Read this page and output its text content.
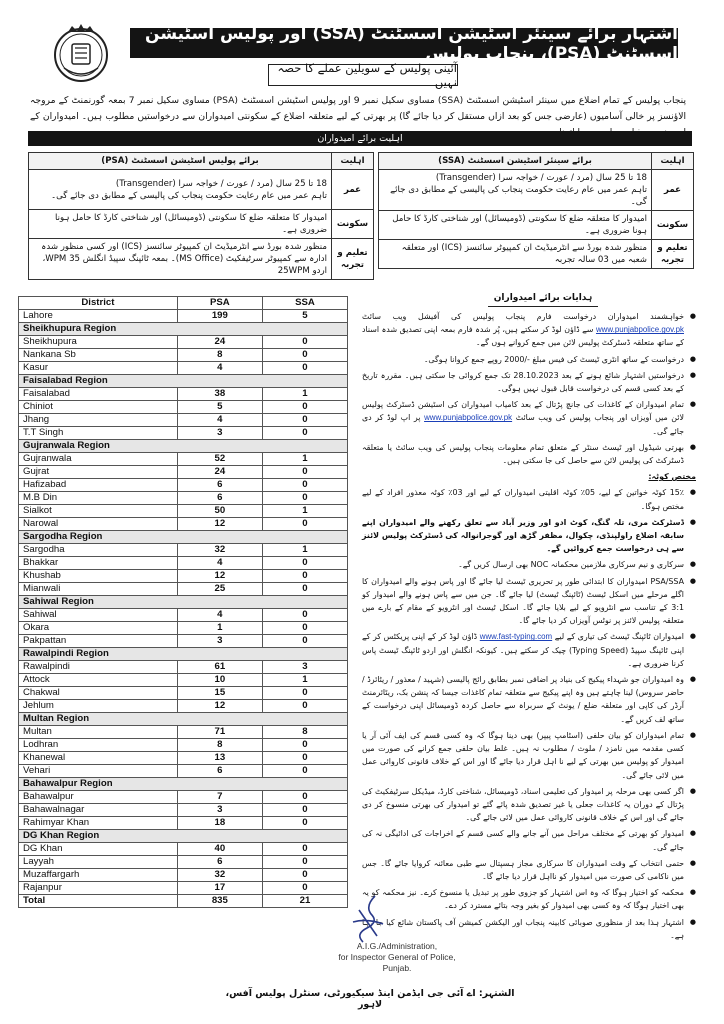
اشتہار برائے سینئر اسٹیشن اسسٹنٹ (SSA) اور پولیس اسٹیشن اسسٹنٹ (PSA)، پنجاب پولیس
آئینی پولیس کے سویلین عملے کا حصہ نہیں

پنجاب پولیس کے تمام اضلاع میں سینئر اسٹیشن اسسٹنٹ (SSA) مساوی سکیل نمبر 9 اور پولیس اسٹیشن اسسٹنٹ (PSA) مساوی سکیل نمبر 7 بمعہ گورنمنٹ کے مروجہ الاؤنسز پر خالی آسامیوں (عارضی جس کو بعد ازاں مستقل کر دیا جائے گا) پر بھرتی کے لیے متعلقہ اضلاع کے سکونتی امیدواران سے درخواستیں مطلوب ہیں۔ امیدواران کے

اہلیت برائے امیدواران
اہلیت	برائے سینئر اسٹیشن اسسٹنٹ (SSA)
عمر	18 تا 25 سال (مرد / عورت / خواجہ سرا (Transgender)
تاہم عمر میں عام رعایت حکومت پنجاب کی پالیسی کے مطابق دی جائے گی۔

سکونت	امیدوار کا متعلقہ ضلع کا سکونتی (ڈومیسائل) اور شناختی کارڈ کا حامل ہونا ضروری ہے۔
تعلیم و تجربہ	منظور شدہ بورڈ سے انٹرمیڈیٹ ان کمپیوٹر سائنسز (ICS) اور متعلقہ شعبہ میں 03 سالہ تجربہ
اہلیت	برائے پولیس اسٹیشن اسسٹنٹ (PSA)
عمر	18 تا 25 سال (مرد / عورت / خواجہ سرا (Transgender)
تاہم عمر میں عام رعایت حکومت پنجاب کی پالیسی کے مطابق دی جائے گی۔

سکونت	امیدوار کا متعلقہ ضلع کا سکونتی (ڈومیسائل) اور شناختی کارڈ کا حامل ہونا ضروری ہے۔
تعلیم و تجربہ	منظور شدہ بورڈ سے انٹرمیڈیٹ ان کمپیوٹر سائنسز (ICS) اور کسی منظور شدہ ادارہ سے کمپیوٹر سرٹیفکیٹ (MS Office)۔ بمعہ ٹائپنگ سپیڈ انگلش 35 WPM، اردو 25WPM
District	PSA	SSA
Lahore	199	5
Sheikhupura Region		
Sheikhupura	24	0
Nankana Sb	8	0
Kasur	4	0
Faisalabad Region		
Faisalabad	38	1
Chiniot	5	0
Jhang	4	0
T.T Singh	3	0
Gujranwala Region		
Gujranwala	52	1
Gujrat	24	0
Hafizabad	6	0
M.B Din	6	0
Sialkot	50	1
Narowal	12	0
Sargodha Region		
Sargodha	32	1
Bhakkar	4	0
Khushab	12	0
Mianwali	25	0
Sahiwal Region		
Sahiwal	4	0
Okara	1	0
Pakpattan	3	0
Rawalpindi Region		
Rawalpindi	61	3
Attock	10	1
Chakwal	15	0
Jehlum	12	0
Multan Region		
Multan	71	8
Lodhran	8	0
Khanewal	13	0
Vehari	6	0
Bahawalpur Region		
Bahawalpur	7	0
Bahawalnagar	3	0
Rahimyar Khan	18	0
DG Khan Region		
DG Khan	40	0
Layyah	6	0
Muzaffargarh	32	0
Rajanpur	17	0
Total	835	21
ہدایات برائے امیدواران
● خواہشمند امیدواران درخواست فارم پنجاب پولیس کی آفیشل ویب سائٹ www.punjabpolice.gov.pk سے ڈاؤن لوڈ کر سکتے ہیں، پُر شدہ فارم بمعہ اپنی تصدیق شدہ اسناد کے ساتھ متعلقہ ڈسٹرکٹ پولیس لائن میں جمع کروانے ہوں گے۔
● درخواست کے ساتھ انٹری ٹیسٹ کی فیس مبلغ -/2000 روپے جمع کروانا ہوگی۔
● درخواستیں اشتہار شائع ہونے کے بعد 28.10.2023 تک جمع کروائی جا سکتی ہیں۔ مقررہ تاریخ کے بعد کسی قسم کی درخواست قابل قبول نہیں ہوگی۔
● تمام امیدواران کے کاغذات کی جانچ پڑتال کے بعد کامیاب امیدواران کی اسٹیشن ڈسٹرکٹ پولیس لائن میں آویزاں اور پنجاب پولیس کی ویب سائٹ www.punjabpolice.gov.pk پر اپ لوڈ کر دی جائے گی۔
● بھرتی شیڈول اور ٹیسٹ سنٹر کے متعلق تمام معلومات پنجاب پولیس کی ویب سائٹ یا متعلقہ ڈسٹرکٹ کی پولیس لائن سے حاصل کی جا سکتی ہیں۔
مختص کوٹہ:
● 15٪ کوٹہ خواتین کے لیے، 05٪ کوٹہ اقلیتی امیدواران کے لیے اور 03٪ کوٹہ معذور افراد کے لیے مختص ہوگا۔
● ڈسٹرکٹ مری، تلہ گنگ، کوٹ ادو اور وزیر آباد سے تعلق رکھنے والے امیدواران اپنے سابقہ اضلاع راولپنڈی، چکوال، مظفر گڑھ اور گوجرانوالہ کی ڈسٹرکٹ پولیس لائنز سے ہی درخواست جمع کروائیں گے۔
● سرکاری و نیم سرکاری ملازمین محکمانہ NOC بھی ارسال کریں گے۔
● PSA/SSA امیدواران کا ابتدائی طور پر تحریری ٹیسٹ لیا جائے گا اور پاس ہونے والے امیدواران کا اگلے مرحلے میں اسکل ٹیسٹ (ٹائپنگ ٹیسٹ) لیا جائے گا۔ جن میں سے پاس ہونے والے امیدوار کو 3:1 کے تناسب سے انٹرویو کے لیے بلایا جائے گا۔ اسکل ٹیسٹ اور انٹرویو کے مقام کے بارے میں متعلقہ پولیس لائنز پر نوٹس آویزاں کر دیا جائے گا۔
● امیدواران ٹائپنگ ٹیسٹ کی تیاری کے لیے www.fast-typing.com ڈاؤن لوڈ کر کے اپنی پریکٹس کر کے اپنی ٹائپنگ سپیڈ (Typing Speed) چیک کر سکتے ہیں۔ کیونکہ انگلش اور اردو ٹائپنگ ٹیسٹ پاس کرنا ضروری ہے۔
● وہ امیدواران جو شہداء پیکیج کی بنیاد پر اضافی نمبر بطابق رائج پالیسی (شہید / معذور / ریٹائرڈ / حاضر سروس) لینا چاہتے ہیں وہ اپنے پیکیج سے متعلقہ تمام کاغذات جیسا کہ پنشن بک، ریٹائرمنٹ آرڈر کی کاپی اور متعلقہ ضلع / یونٹ کے سربراہ سے حاصل کردہ ڈومیسائل اپنی درخواست کے ساتھ لف کریں گے۔
● تمام امیدواران کو بیان حلفی (اسٹامپ پیپر) بھی دینا ہوگا کہ وہ کسی قسم کی ایف آئی آر یا کسی مقدمہ میں نامزد / ملوث / مطلوب نہ ہیں۔ غلط بیان حلفی جمع کرانے کی صورت میں امیدوار کو پولیس میں بھرتی کے لیے نا اہل قرار دیا جائے گا اور اس کے خلاف قانونی کاروائی عمل میں لائی جائے گی۔
● اگر کسی بھی مرحلہ پر امیدوار کی تعلیمی اسناد، ڈومیسائل، شناختی کارڈ، میڈیکل سرٹیفکیٹ کی پڑتال کے دوران یہ کاغذات جعلی یا غیر تصدیق شدہ پائے گئے تو امیدوار کی بھرتی منسوخ کر دی جائے گی اور اس کے خلاف قانونی کاروائی عمل میں لائی جائے گی۔
● امیدوار کو بھرتی کے مختلف مراحل میں آنے جانے والے کسی قسم کے اخراجات کی ادائیگی نہ کی جائے گی۔
● حتمی انتخاب کے وقت امیدواران کا سرکاری مجاز ہسپتال سے طبی معائنہ کروایا جائے گا۔ جس میں ناکامی کی صورت میں امیدوار کو نااہل قرار دیا جائے گا۔
● محکمہ کو اختیار ہوگا کہ وہ اس اشتہار کو جزوی طور پر تبدیل یا منسوخ کرے۔ نیز محکمہ کو یہ بھی اختیار ہوگا کہ وہ کسی بھی امیدوار کو بغیر وجہ بتائے مسترد کر دے۔
● اشتہار ہذا بعد از منظوری صوبائی کابینہ پنجاب اور الیکشن کمیشن آف پاکستان شائع کیا جا رہا ہے۔
A.I.G./Administration,
for Inspector General of Police,
Punjab.
الشتہر: اے آئی جی ایڈمن اینڈ سیکیورٹی، سنٹرل پولیس آفس، لاہور
